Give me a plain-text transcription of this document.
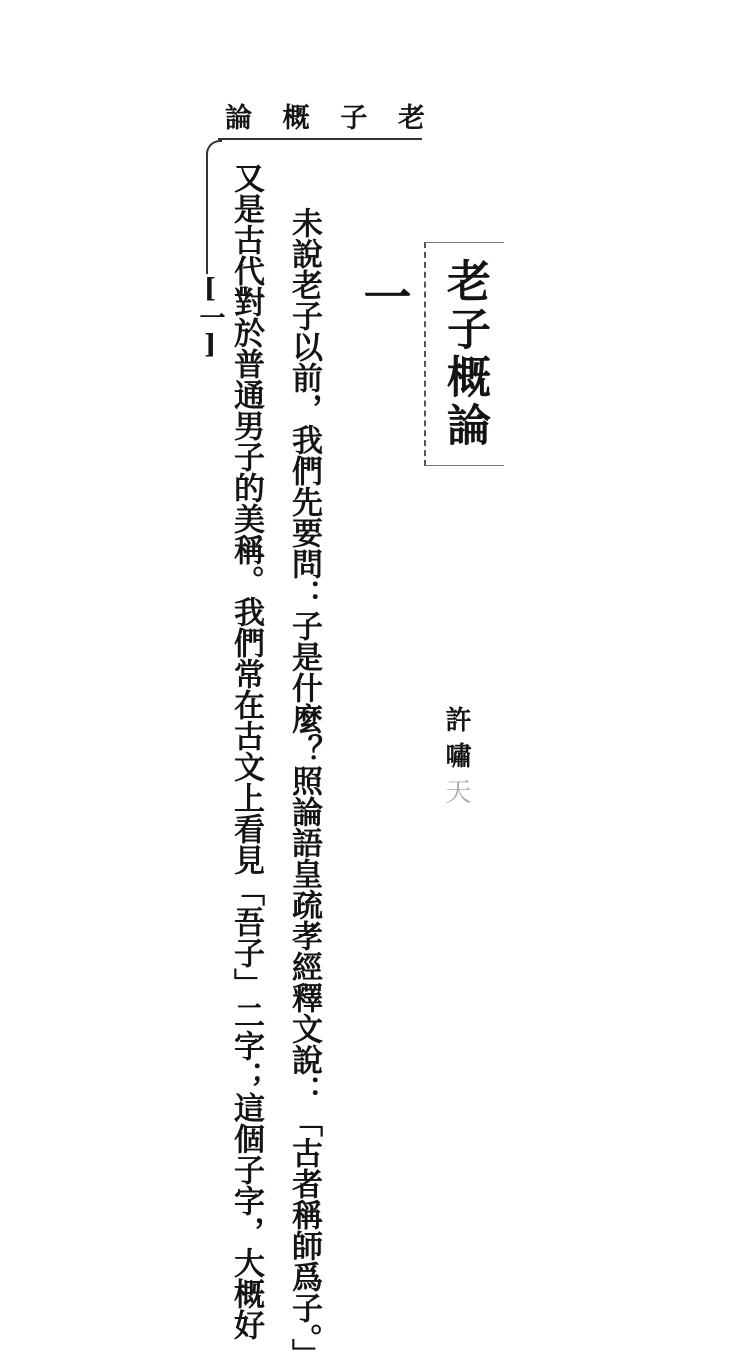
老
子
概
論
[一]	老子概論
許嘯天
一
未說老子以前，我們先要問：子是什麼？照論語皇疏孝經釋文說：「古者稱師爲子。」
又是古代對於普通男子的美稱。我們常在古文上看見「吾子」二字；這個子字，大概好
